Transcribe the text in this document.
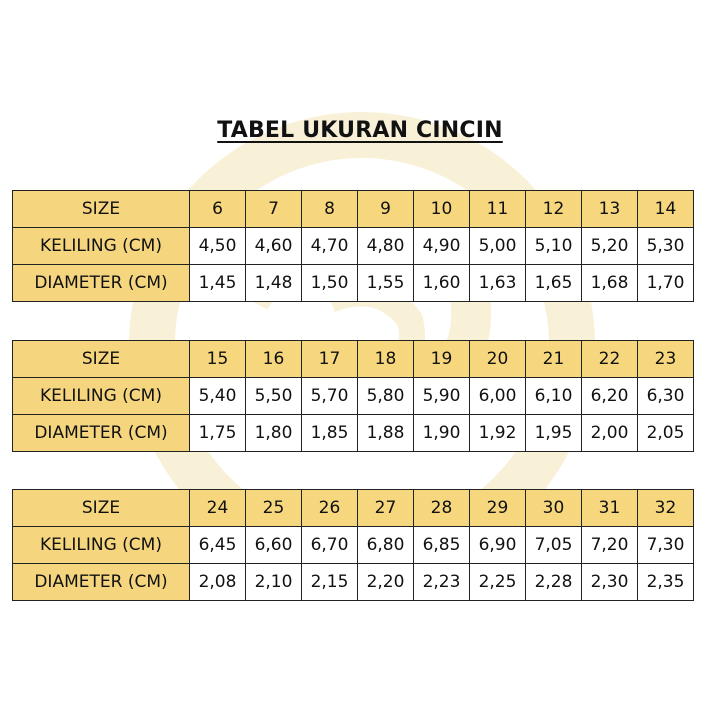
TABEL UKURAN CINCIN
SIZE	6	7	8	9	10	11	12	13	14
KELILING (CM)	4,50	4,60	4,70	4,80	4,90	5,00	5,10	5,20	5,30
DIAMETER (CM)	1,45	1,48	1,50	1,55	1,60	1,63	1,65	1,68	1,70
SIZE	15	16	17	18	19	20	21	22	23
KELILING (CM)	5,40	5,50	5,70	5,80	5,90	6,00	6,10	6,20	6,30
DIAMETER (CM)	1,75	1,80	1,85	1,88	1,90	1,92	1,95	2,00	2,05
SIZE	24	25	26	27	28	29	30	31	32
KELILING (CM)	6,45	6,60	6,70	6,80	6,85	6,90	7,05	7,20	7,30
DIAMETER (CM)	2,08	2,10	2,15	2,20	2,23	2,25	2,28	2,30	2,35
